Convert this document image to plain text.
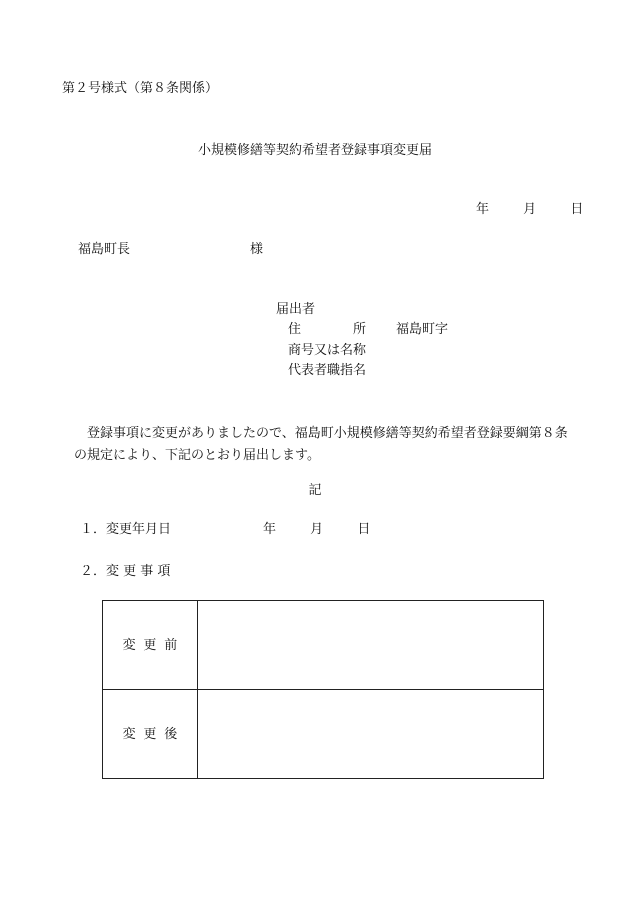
第２号様式（第８条関係）
小規模修繕等契約希望者登録事項変更届
年	月	日
福島町長	様
届出者
住　　　　所 福島町字
商号又は名称
代表者職指名
登録事項に変更がありましたので、福島町小規模修繕等契約希望者登録要綱第８条の規定により、下記のとおり届出します。
記
１．変更年月日	年	月	日
２．変 更 事 項
変更前	
変更後	
